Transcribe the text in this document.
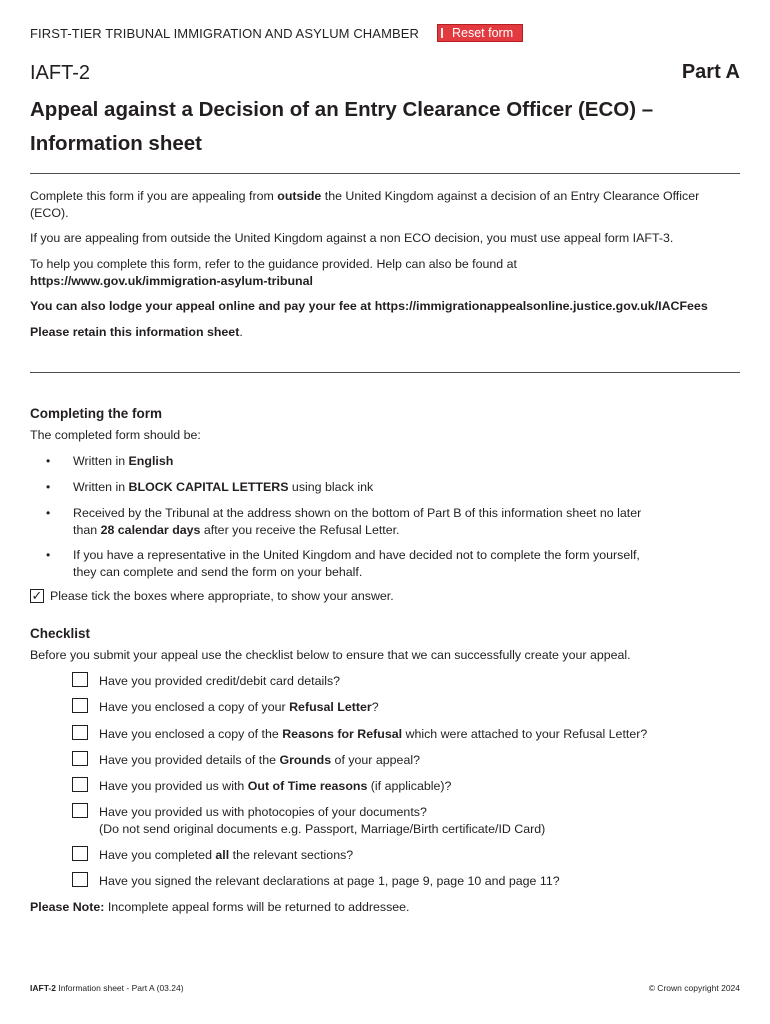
FIRST-TIER TRIBUNAL IMMIGRATION AND ASYLUM CHAMBER	Reset form
IAFT-2	Part A
Appeal against a Decision of an Entry Clearance Officer (ECO) –
Information sheet
Complete this form if you are appealing from outside the United Kingdom against a decision of an Entry Clearance Officer (ECO).
If you are appealing from outside the United Kingdom against a non ECO decision, you must use appeal form IAFT-3.
To help you complete this form, refer to the guidance provided. Help can also be found at
https://www.gov.uk/immigration-asylum-tribunal
You can also lodge your appeal online and pay your fee at https://immigrationappealsonline.justice.gov.uk/IACFees
Please retain this information sheet.
Completing the form
The completed form should be:
• Written in English
• Written in BLOCK CAPITAL LETTERS using black ink
• Received by the Tribunal at the address shown on the bottom of Part B of this information sheet no later
than 28 calendar days after you receive the Refusal Letter.
• If you have a representative in the United Kingdom and have decided not to complete the form yourself,
they can complete and send the form on your behalf.
✓ Please tick the boxes where appropriate, to show your answer.
Checklist
Before you submit your appeal use the checklist below to ensure that we can successfully create your appeal.
Have you provided credit/debit card details?
Have you enclosed a copy of your Refusal Letter?
Have you enclosed a copy of the Reasons for Refusal which were attached to your Refusal Letter?
Have you provided details of the Grounds of your appeal?
Have you provided us with Out of Time reasons (if applicable)?
Have you provided us with photocopies of your documents?
(Do not send original documents e.g. Passport, Marriage/Birth certificate/ID Card)
Have you completed all the relevant sections?
Have you signed the relevant declarations at page 1, page 9, page 10 and page 11?
Please Note: Incomplete appeal forms will be returned to addressee.
IAFT-2 Information sheet - Part A (03.24)	© Crown copyright 2024
